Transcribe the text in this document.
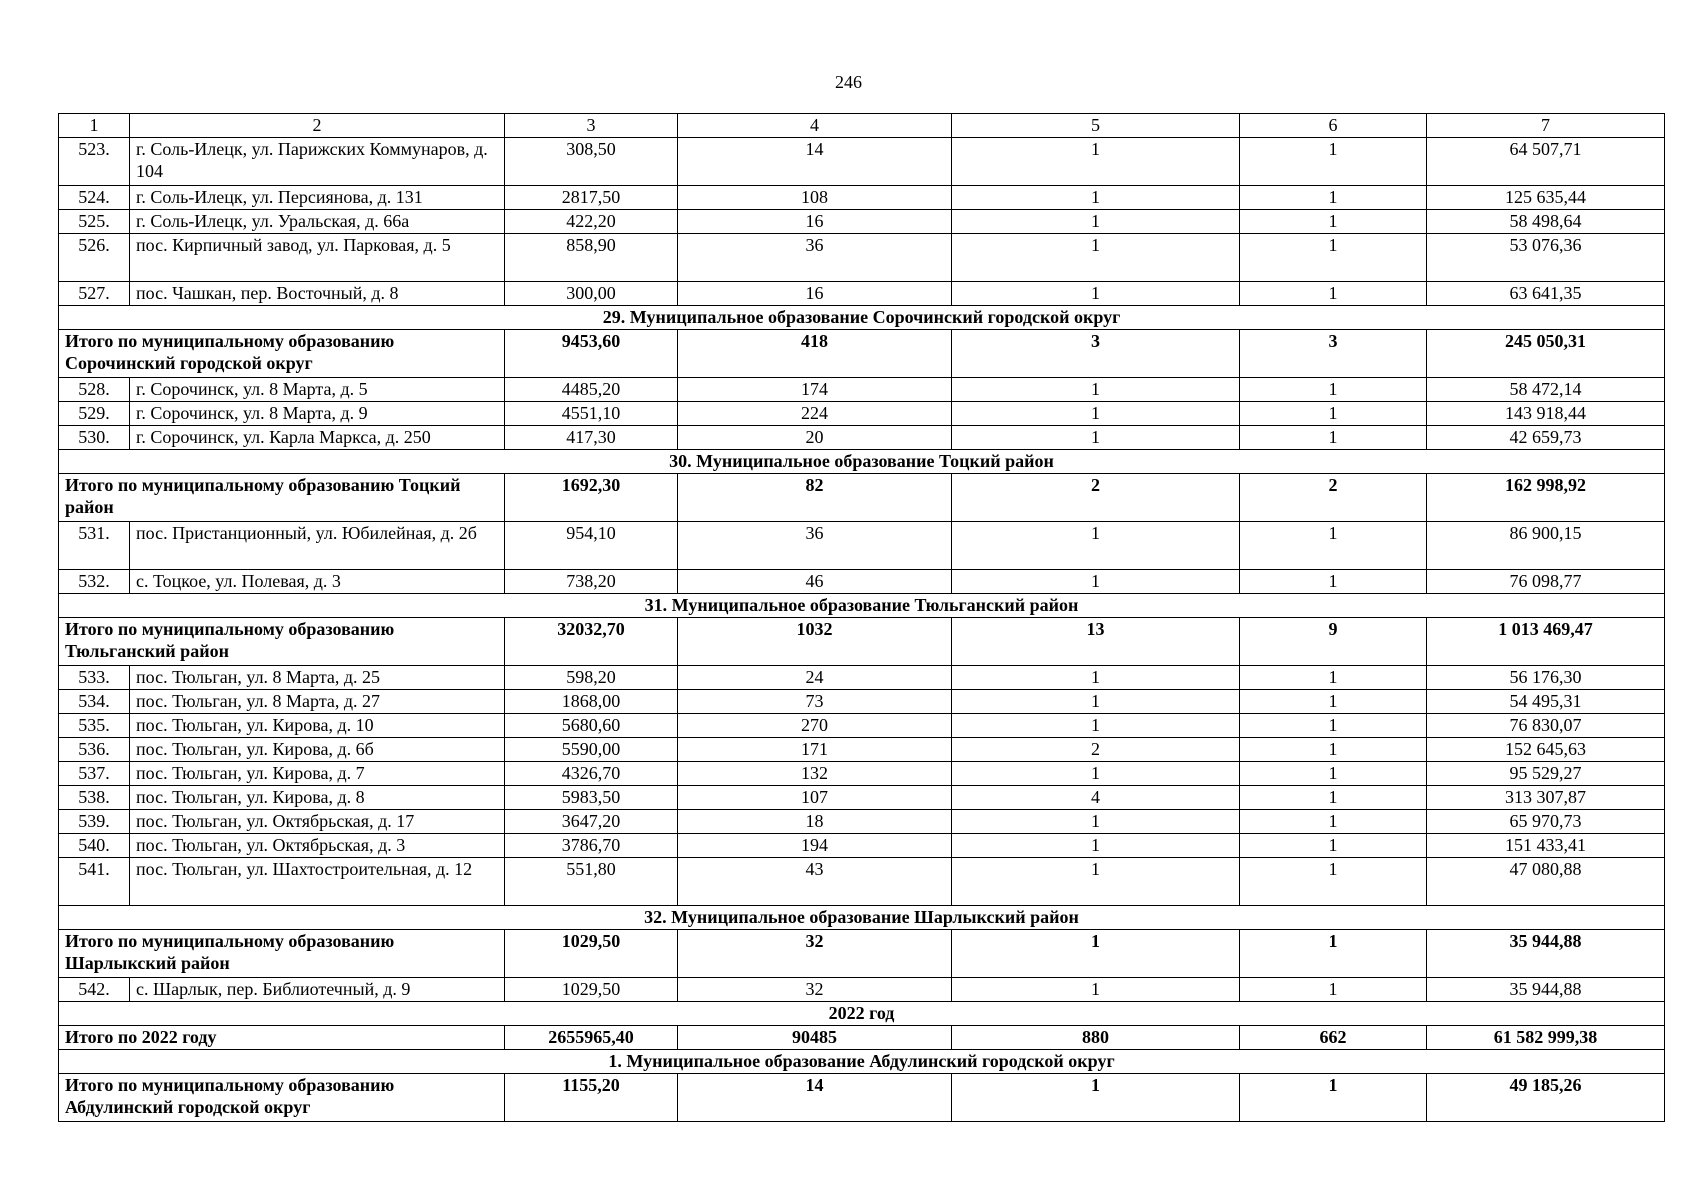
246
1	2	3	4	5	6	7
523.	г. Соль-Илецк, ул. Парижских Коммунаров, д. 104	308,50	14	1	1	64 507,71
524.	г. Соль-Илецк, ул. Персиянова, д. 131	2817,50	108	1	1	125 635,44
525.	г. Соль-Илецк, ул. Уральская, д. 66а	422,20	16	1	1	58 498,64
526.	пос. Кирпичный завод, ул. Парковая, д. 5	858,90	36	1	1	53 076,36
527.	пос. Чашкан, пер. Восточный, д. 8	300,00	16	1	1	63 641,35
29. Муниципальное образование Сорочинский городской округ						
Итого по муниципальному образованию Сорочинский городской округ		9453,60	418	3	3	245 050,31
528.	г. Сорочинск, ул. 8 Марта, д. 5	4485,20	174	1	1	58 472,14
529.	г. Сорочинск, ул. 8 Марта, д. 9	4551,10	224	1	1	143 918,44
530.	г. Сорочинск, ул. Карла Маркса, д. 250	417,30	20	1	1	42 659,73
30. Муниципальное образование Тоцкий район						
Итого по муниципальному образованию Тоцкий район		1692,30	82	2	2	162 998,92
531.	пос. Пристанционный, ул. Юбилейная, д. 2б	954,10	36	1	1	86 900,15
532.	с. Тоцкое, ул. Полевая, д. 3	738,20	46	1	1	76 098,77
31. Муниципальное образование Тюльганский район						
Итого по муниципальному образованию Тюльганский район		32032,70	1032	13	9	1 013 469,47
533.	пос. Тюльган, ул. 8 Марта, д. 25	598,20	24	1	1	56 176,30
534.	пос. Тюльган, ул. 8 Марта, д. 27	1868,00	73	1	1	54 495,31
535.	пос. Тюльган, ул. Кирова, д. 10	5680,60	270	1	1	76 830,07
536.	пос. Тюльган, ул. Кирова, д. 6б	5590,00	171	2	1	152 645,63
537.	пос. Тюльган, ул. Кирова, д. 7	4326,70	132	1	1	95 529,27
538.	пос. Тюльган, ул. Кирова, д. 8	5983,50	107	4	1	313 307,87
539.	пос. Тюльган, ул. Октябрьская, д. 17	3647,20	18	1	1	65 970,73
540.	пос. Тюльган, ул. Октябрьская, д. 3	3786,70	194	1	1	151 433,41
541.	пос. Тюльган, ул. Шахтостроительная, д. 12	551,80	43	1	1	47 080,88
32. Муниципальное образование Шарлыкский район						
Итого по муниципальному образованию Шарлыкский район		1029,50	32	1	1	35 944,88
542.	с. Шарлык, пер. Библиотечный, д. 9	1029,50	32	1	1	35 944,88
2022 год						
Итого по 2022 году		2655965,40	90485	880	662	61 582 999,38
1. Муниципальное образование Абдулинский городской округ						
Итого по муниципальному образованию Абдулинский городской округ		1155,20	14	1	1	49 185,26
